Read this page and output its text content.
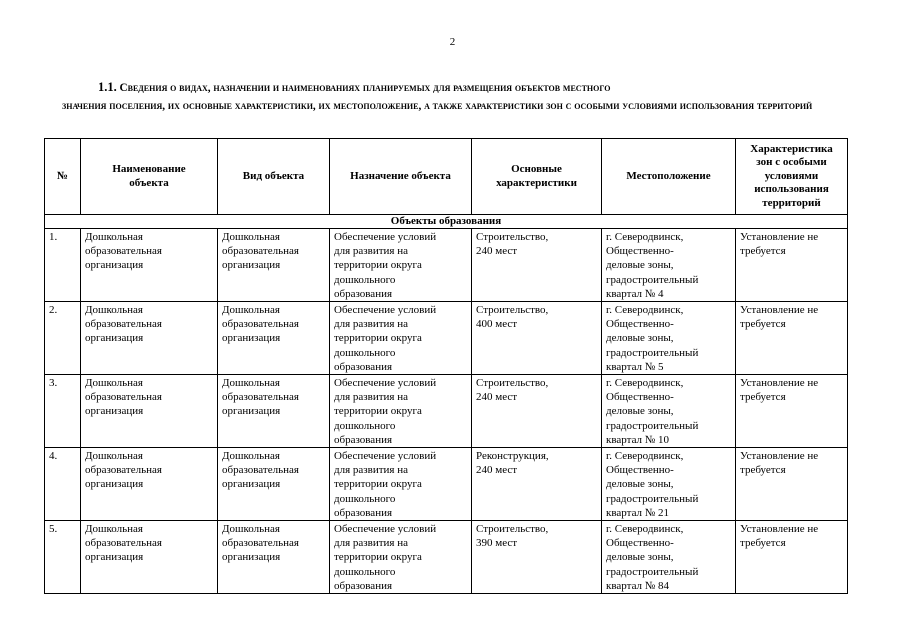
2
1.1. Сведения о видах, назначении и наименованиях планируемых для размещения объектов местного
значения поселения, их основные характеристики, их местоположение, а также характеристики зон с особыми условиями использования территорий
№	Наименование
объекта	Вид объекта	Назначение объекта	Основные
характеристики	Местоположение	Характеристика
зон с особыми
условиями
использования
территорий
Объекты образования						
1.	Дошкольная
образовательная
организация	Дошкольная
образовательная
организация	Обеспечение условий
для развития на
территории округа
дошкольного
образования	Строительство,
240 мест	г. Северодвинск,
Общественно-
деловые зоны,
градостроительный
квартал № 4	Установление не
требуется
2.	Дошкольная
образовательная
организация	Дошкольная
образовательная
организация	Обеспечение условий
для развития на
территории округа
дошкольного
образования	Строительство,
400 мест	г. Северодвинск,
Общественно-
деловые зоны,
градостроительный
квартал № 5	Установление не
требуется
3.	Дошкольная
образовательная
организация	Дошкольная
образовательная
организация	Обеспечение условий
для развития на
территории округа
дошкольного
образования	Строительство,
240 мест	г. Северодвинск,
Общественно-
деловые зоны,
градостроительный
квартал № 10	Установление не
требуется
4.	Дошкольная
образовательная
организация	Дошкольная
образовательная
организация	Обеспечение условий
для развития на
территории округа
дошкольного
образования	Реконструкция,
240 мест	г. Северодвинск,
Общественно-
деловые зоны,
градостроительный
квартал № 21	Установление не
требуется
5.	Дошкольная
образовательная
организация	Дошкольная
образовательная
организация	Обеспечение условий
для развития на
территории округа
дошкольного
образования	Строительство,
390 мест	г. Северодвинск,
Общественно-
деловые зоны,
градостроительный
квартал № 84	Установление не
требуется
